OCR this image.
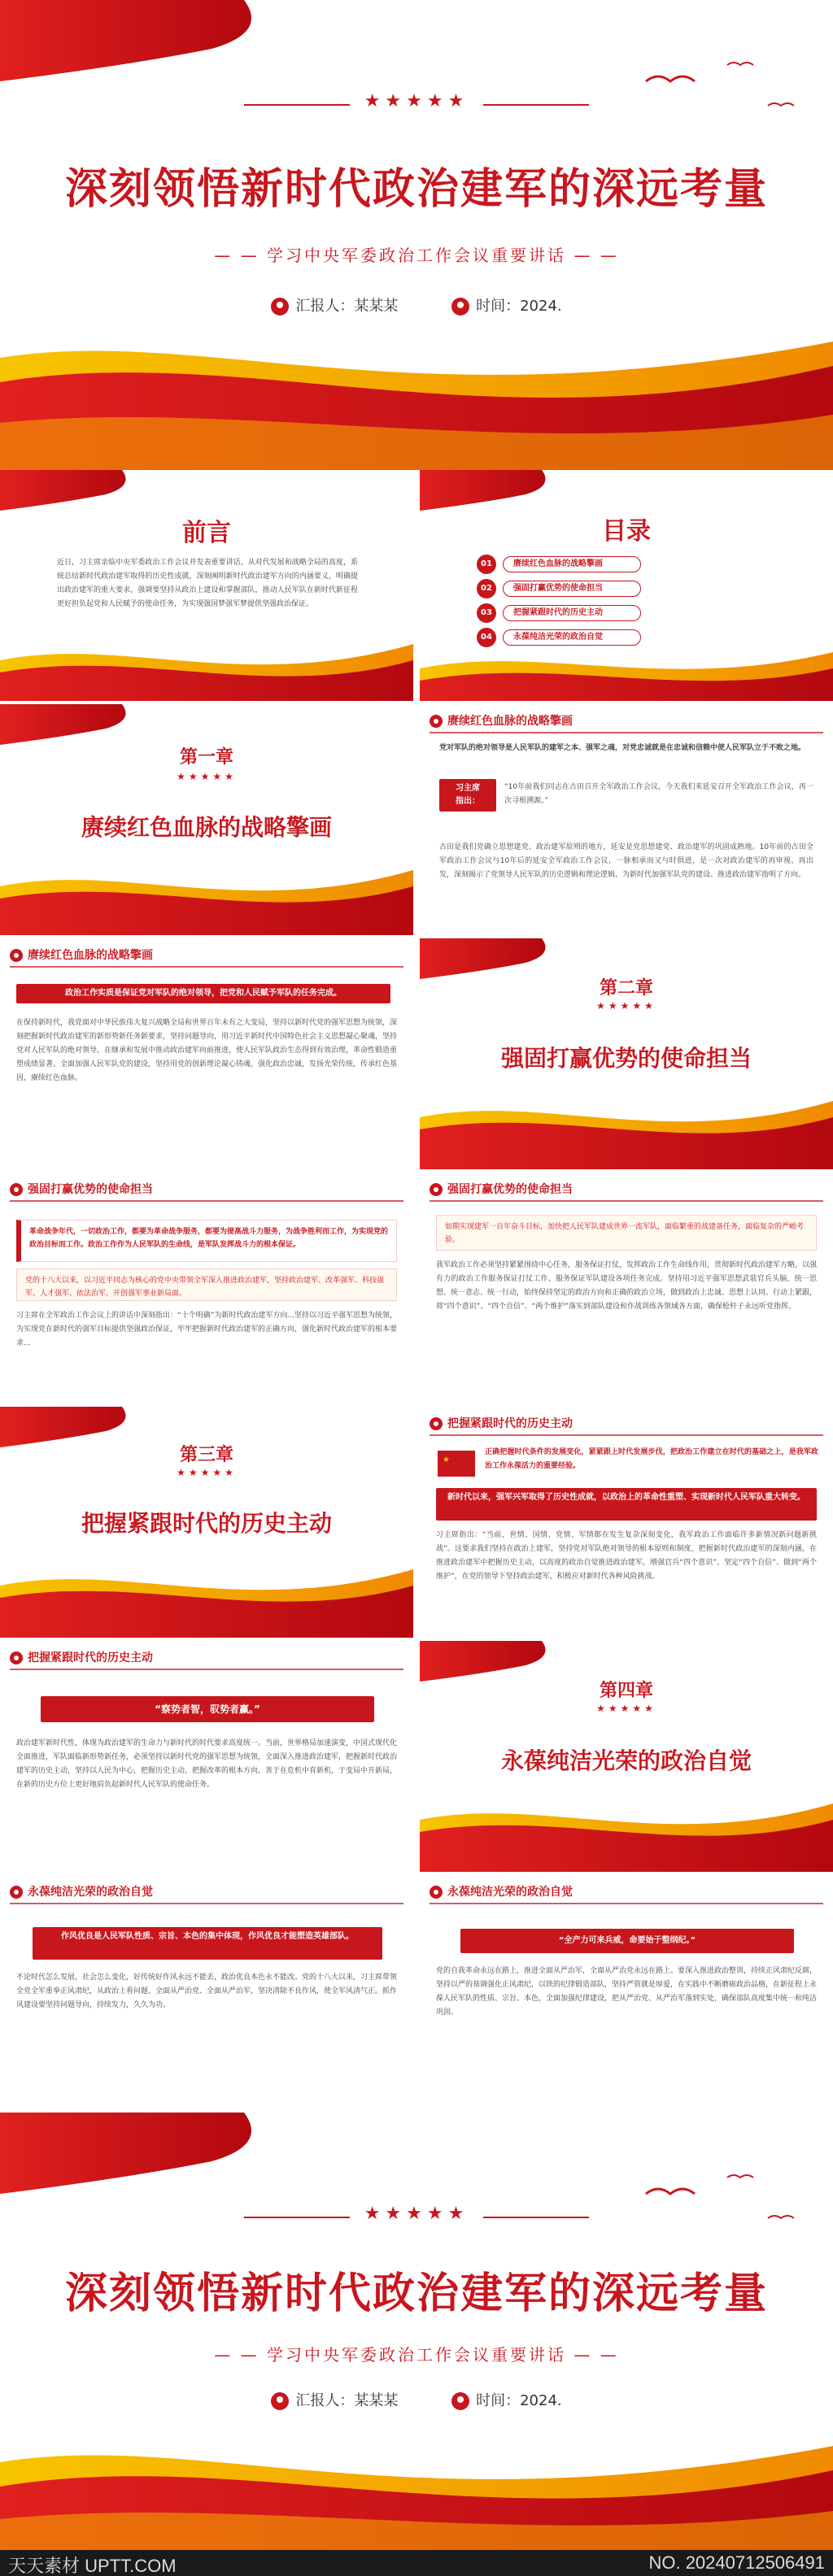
★★★★★
深刻领悟新时代政治建军的深远考量
— — 学习中央军委政治工作会议重要讲话 — —
汇报人：某某某	时间：2024.
前言
近日，习主席亲临中央军委政治工作会议并发表重要讲话，从对代发展和战略全局的高度，系统总结新时代政治建军取得的历史性成就，深刻阐明新时代政治建军方向的内涵要义，明确提出政治建军的重大要求。强调要坚持从政治上建设和掌握部队，推动人民军队在新时代新征程更好担负起党和人民赋予的使命任务，为实现强国梦强军梦提供坚强政治保证。
目录
01	赓续红色血脉的战略擎画
02	强固打赢优势的使命担当
03	把握紧跟时代的历史主动
04	永葆纯洁光荣的政治自觉
第一章
★★★★★
赓续红色血脉的战略擎画
赓续红色血脉的战略擎画
党对军队的绝对领导是人民军队的建军之本、强军之魂，对党忠诚就是在忠诚和信赖中使人民军队立于不败之地。
习主席
指出：
“10年前我们同志在古田召开全军政治工作会议，今天我们来延安召开全军政治工作会议，再一次寻根溯源。”
古田是我们党确立思想建党、政治建军原则的地方，延安是党思想建党、政治建军的巩固成熟地。10年前的古田全军政治工作会议与10年后的延安全军政治工作会议，一脉相承而又与时俱进，是一次对政治建军的再审视、再出发，深刻揭示了党领导人民军队的历史逻辑和理论逻辑，为新时代加强军队党的建设、推进政治建军指明了方向。
赓续红色血脉的战略擎画
政治工作实质是保证党对军队的绝对领导，把党和人民赋予军队的任务完成。
在保持新时代，我党面对中华民族伟大复兴战略全局和世界百年未有之大变局，坚持以新时代党的强军思想为统领，深刻把握新时代政治建军的新形势新任务新要求，坚持问题导向，用习近平新时代中国特色社会主义思想凝心聚魂，坚持党对人民军队的绝对领导，在继承和发展中推动政治建军向前推进，使人民军队政治生态得到有效治理，革命性锻造重塑成绩显著。全面加强人民军队党的建设，坚持用党的创新理论凝心铸魂，强化政治忠诚，发扬光荣传统，传承红色基因，赓续红色血脉。
第二章
★★★★★
强固打赢优势的使命担当
强固打赢优势的使命担当
革命战争年代，一切政治工作，都要为革命战争服务，都要为提高战斗力服务，为战争胜利而工作，为实现党的政治目标而工作。政治工作作为人民军队的生命线，是军队发挥战斗力的根本保证。
党的十八大以来，以习近平同志为核心的党中央带领全军深入推进政治建军，坚持政治建军、改革强军、科技强军、人才强军、依法治军，开创强军事业新局面。
习主席在全军政治工作会议上的讲话中深刻指出：“十个明确”为新时代政治建军方向...坚持以习近平强军思想为统领，为实现党在新时代的强军目标提供坚强政治保证，牢牢把握新时代政治建军的正确方向，强化新时代政治建军的根本要求...
强固打赢优势的使命担当
如期实现建军一百年奋斗目标，加快把人民军队建成世界一流军队，面临繁重的战建备任务，面临复杂的严峻考验。
我军政治工作必须坚持紧紧围绕中心任务，服务保证打仗，发挥政治工作生命线作用，贯彻新时代政治建军方略，以强有力的政治工作服务保证打仗工作、服务保证军队建设各项任务完成。坚持用习近平强军思想武装官兵头脑，统一思想、统一意志、统一行动，始终保持坚定的政治方向和正确的政治立场，做到政治上忠诚、思想上认同、行动上紧跟，将“四个意识”、“四个自信”、“两个维护”落实到部队建设和作战训练各领域各方面，确保枪杆子永远听党指挥。
第三章
★★★★★
把握紧跟时代的历史主动
把握紧跟时代的历史主动
★
正确把握时代条件的发展变化，紧紧跟上时代发展步伐，把政治工作建立在时代的基础之上，是我军政治工作永葆活力的重要经验。
新时代以来，强军兴军取得了历史性成就，以政治上的革命性重塑、实现新时代人民军队重大转变。
习主席指出：“当前，世情、国情、党情、军情都在发生复杂深刻变化，我军政治工作面临许多新情况新问题新挑战”。这要求我们坚持在政治上建军，坚持党对军队绝对领导的根本原则和制度，把握新时代政治建军的深刻内涵，在推进政治建军中把握历史主动，以高度的政治自觉推进政治建军，增强官兵“四个意识”、坚定“四个自信”、做到“两个维护”，在党的领导下坚持政治建军，积极应对新时代各种风险挑战。
把握紧跟时代的历史主动
“察势者智，驭势者赢。”
政治建军新时代性，体现为政治建军的生命力与新时代的时代要求高度统一。当前，世界格局加速演变，中国式现代化全面推进，军队面临新形势新任务，必须坚持以新时代党的强军思想为统领，全面深入推进政治建军，把握新时代政治建军的历史主动，坚持以人民为中心，把握历史主动，把握改革的根本方向，善于在危机中育新机，于变局中开新局，在新的历史方位上更好地肩负起新时代人民军队的使命任务。
第四章
★★★★★
永葆纯洁光荣的政治自觉
永葆纯洁光荣的政治自觉
作风优良是人民军队性质、宗旨、本色的集中体现，作风优良才能塑造英雄部队。
不论时代怎么发展，社会怎么变化，好传统好作风永远不能丢，政治优良本色永不能改。党的十八大以来，习主席带领全党全军重拳正风肃纪，从政治上看问题、全面从严治党、全面从严治军，坚决清除不良作风，使全军风清气正。抓作风建设要坚持问题导向，持续发力，久久为功。
永葆纯洁光荣的政治自觉
“全产力可来兵威，命要始于整纲纪。”
党的自我革命永远在路上，推进全面从严治军，全面从严治党永远在路上。要深入推进政治整训，持续正风肃纪反腐，坚持以严的基调强化正风肃纪，以铁的纪律锻造部队，坚持严管就是厚爱，在实践中不断磨砺政治品格，在新征程上永葆人民军队的性质、宗旨、本色，全面加强纪律建设，把从严治党、从严治军落到实处，确保部队高度集中统一和纯洁巩固。
★★★★★
深刻领悟新时代政治建军的深远考量
— — 学习中央军委政治工作会议重要讲话 — —
汇报人：某某某	时间：2024.
天天素材 UPTT.COM	NO. 20240712506491
